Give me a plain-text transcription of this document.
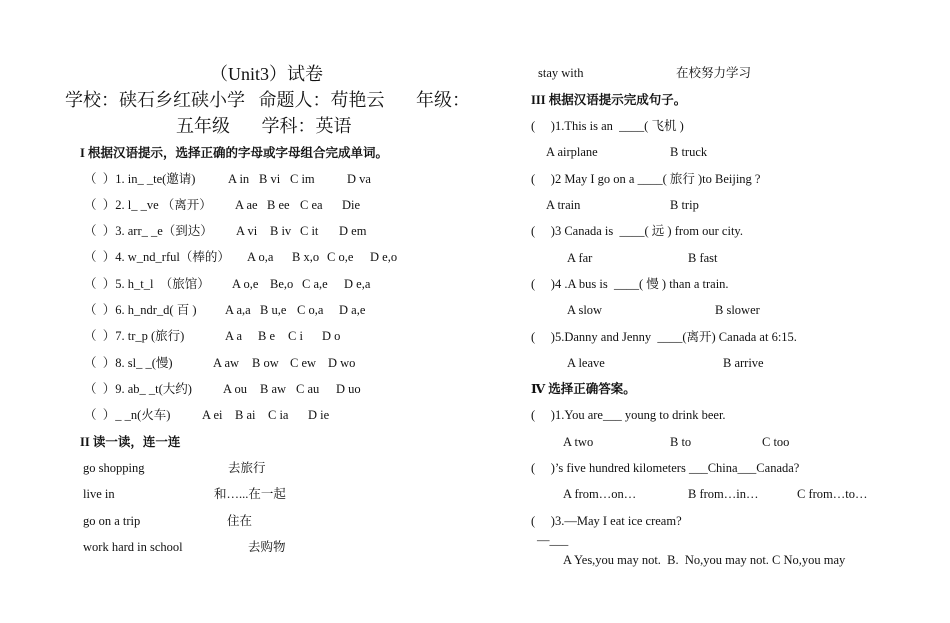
（Unit3）试卷
学校：硖石乡红硖小学   命题人：苟艳云       年级：
五年级       学科：英语
I 根据汉语提示，选择正确的字母或字母组合完成单词。
（  ）1. in_ _te(邀请)	A in B vi C im	D va
（  ）2. l_ _ve （离开） A ae B ee C ea Die
（  ）3. arr_ _e（到达） A vi B iv C it D em
（  ）4. w_nd_rful（棒的） A o,a B x,o C o,e D e,o
（  ）5. h_t_l  （旅馆） A o,e Be,o C a,e D e,a
（  ）6. h_ndr_d( 百 ) A a,a B u,e C o,a D a,e
（  ）7. tr_p (旅行)	A a B e C i D o
（  ）8. sl_ _(慢)	A aw B ow C ew D wo
（  ）9. ab_ _t(大约) A ou B aw C au D uo
（  ）_ _n(火车)	A ei B ai C ia D ie
II 读一读，连一连
go shopping	去旅行
live in	和…...在一起
go on a trip	住在
work hard in school	去购物
stay with	在校努力学习
III 根据汉语提示完成句子。
(     )1.This is an  ____( 飞机 )
A airplane	B truck
(     )2 May I go on a ____( 旅行 )to Beijing ?
A train	B trip
(     )3 Canada is  ____( 远 ) from our city.
A far	B fast
(     )4 .A bus is  ____( 慢 ) than a train.
A slow	B slower
(     )5.Danny and Jenny  ____(离开) Canada at 6:15.
A leave	B arrive
Ⅳ 选择正确答案。
(     )1.You are___ young to drink beer.
A two	B to	C too
(     )’s five hundred kilometers ___China___Canada?
A from…on…	B from…in…	C from…to…
(     )3.—May I eat ice cream?
—___
A Yes,you may not.  B.  No,you may not. C No,you may
